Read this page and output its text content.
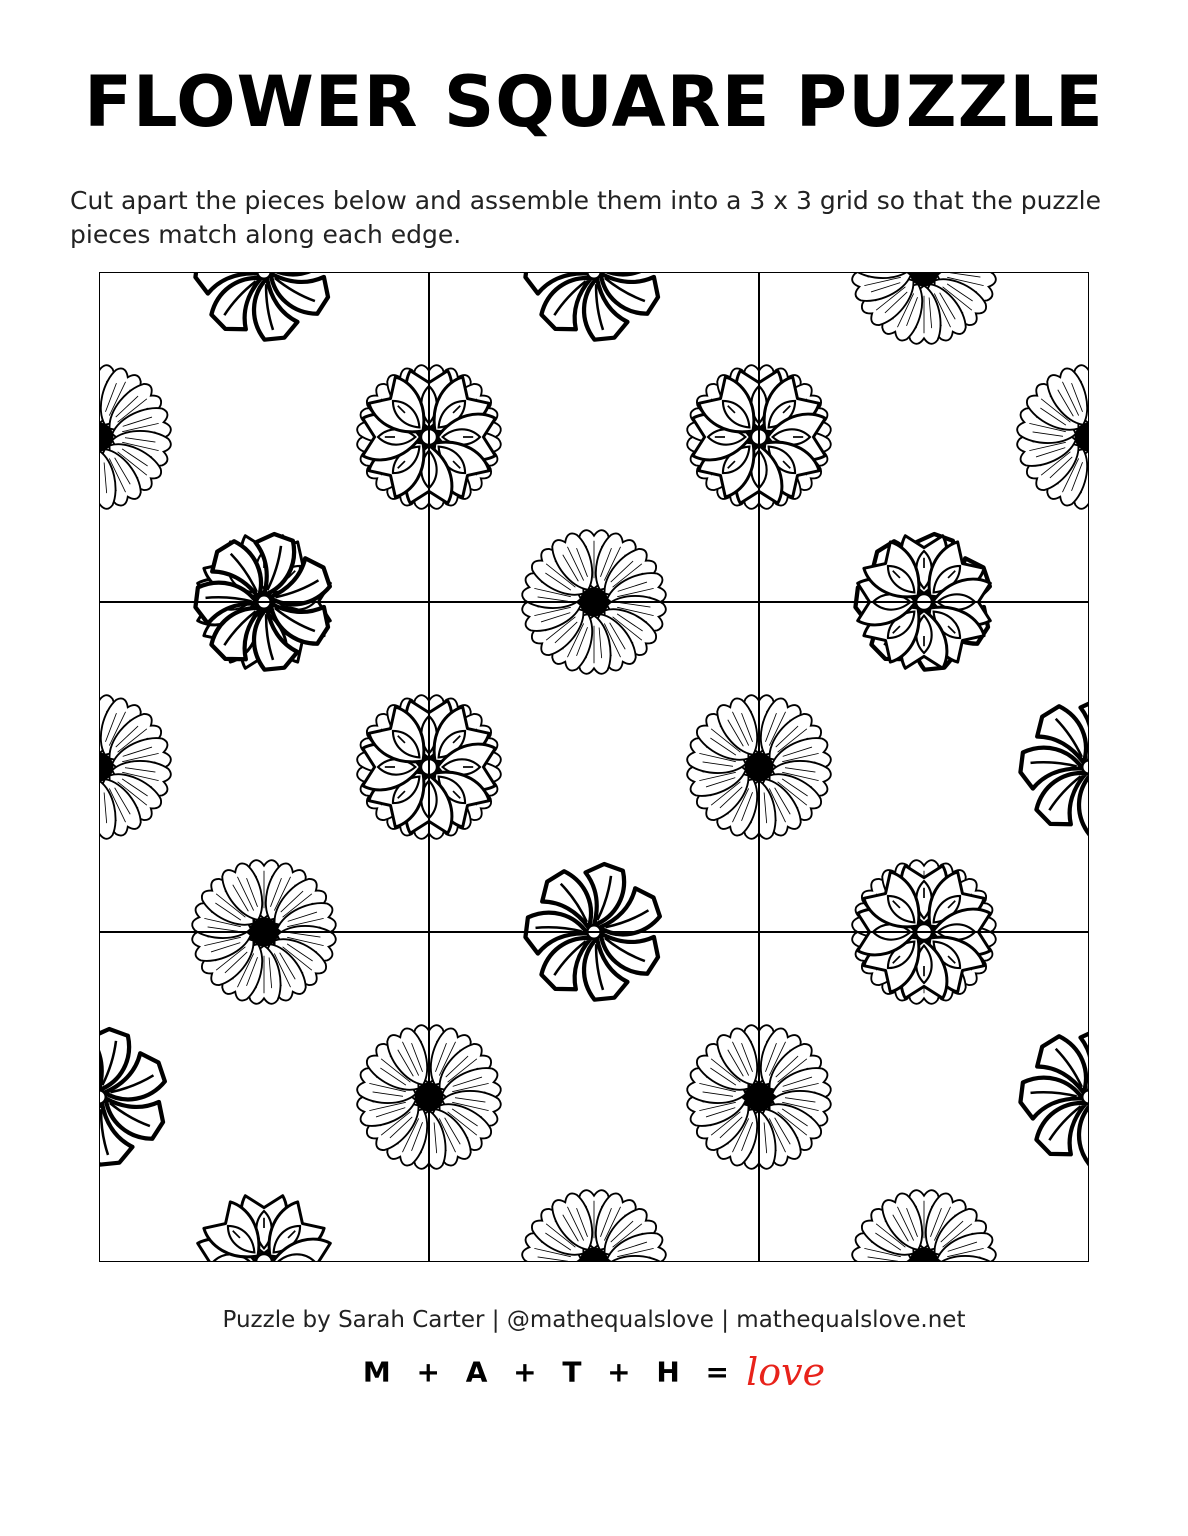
FLOWER SQUARE PUZZLE

Cut apart the pieces below and assemble them into a 3 x 3 grid so that the puzzle pieces match along each edge.

Puzzle by Sarah Carter | @mathequalslove | mathequalslove.net
M + A + T + H = love
